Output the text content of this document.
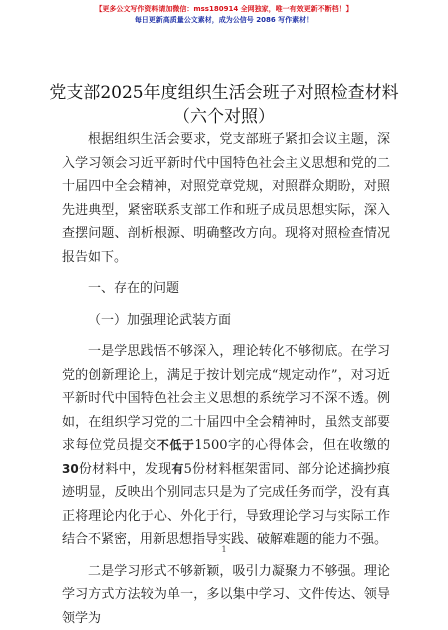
【更多公文写作资料请加微信：mss180914 全网独家，唯一有效更新不断档！】
每日更新高质量公文素材，成为公信号 2086 写作素材！
党支部2025年度组织生活会班子对照检查材料
（六个对照）

根据组织生活会要求，党支部班子紧扣会议主题，深入学习领会习近平新时代中国特色社会主义思想和党的二十届四中全会精神，对照党章党规，对照群众期盼，对照先进典型，紧密联系支部工作和班子成员思想实际，深入查摆问题、剖析根源、明确整改方向。现将对照检查情况报告如下。

一、存在的问题

（一）加强理论武装方面

一是学思践悟不够深入，理论转化不够彻底。在学习党的创新理论上，满足于按计划完成“规定动作”，对习近平新时代中国特色社会主义思想的系统学习不深不透。例如，在组织学习党的二十届四中全会精神时，虽然支部要求每位党员提交不低于1500字的心得体会，但在收缴的30份材料中，发现有5份材料框架雷同、部分论述摘抄痕迹明显，反映出个别同志只是为了完成任务而学，没有真正将理论内化于心、外化于行，导致理论学习与实际工作结合不紧密，用新思想指导实践、破解难题的能力不强。

二是学习形式不够新颖，吸引力凝聚力不够强。理论学习方式方法较为单一，多以集中学习、文件传达、领导领学为

1
